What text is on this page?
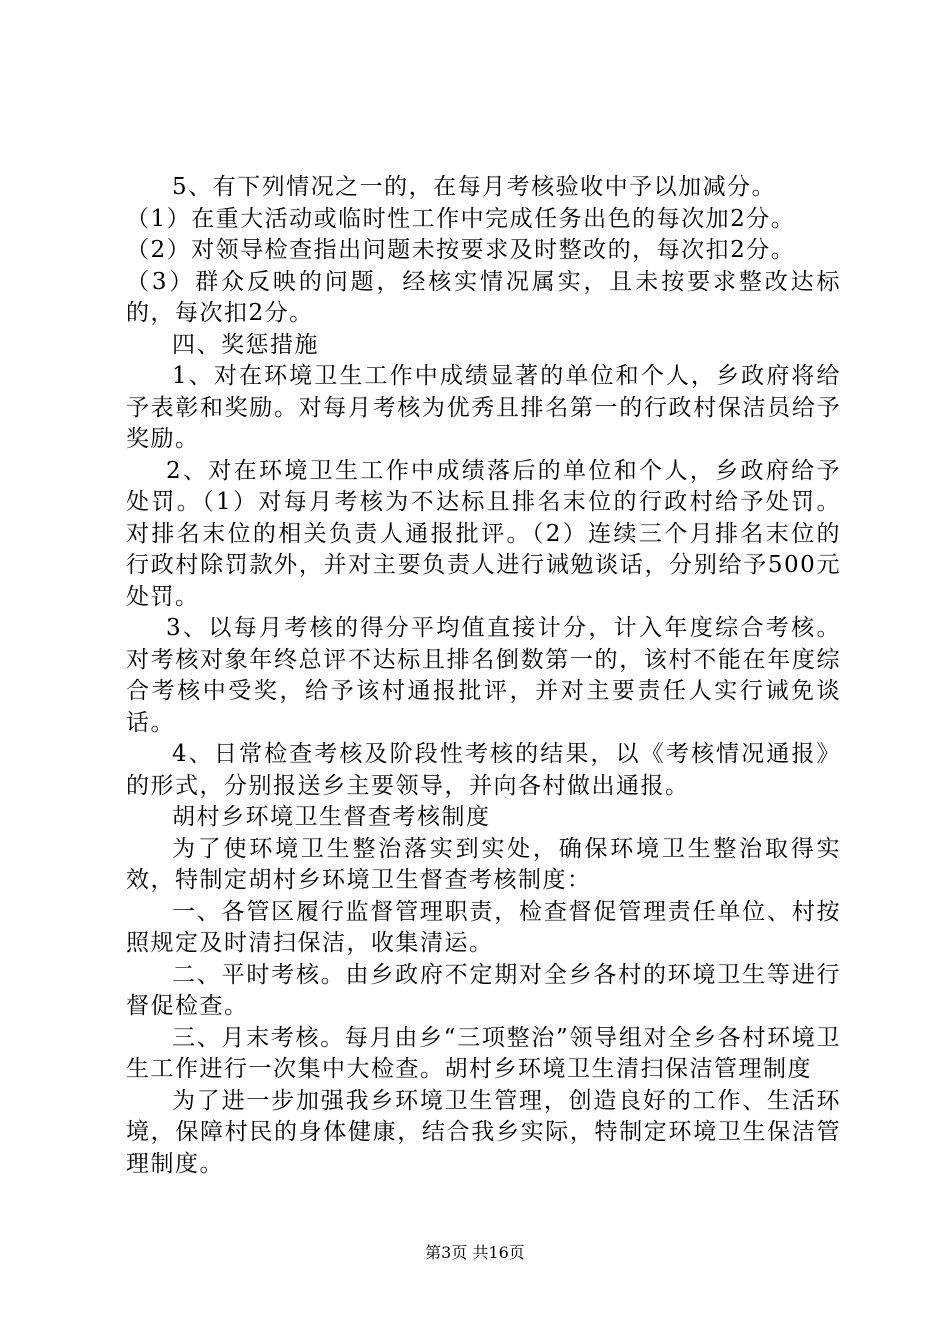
5、有下列情况之一的，在每月考核验收中予以加减分。

（1）在重大活动或临时性工作中完成任务出色的每次加2分。

（2）对领导检查指出问题未按要求及时整改的，每次扣2分。

（3）群众反映的问题，经核实情况属实，且未按要求整改达标的，每次扣2分。

四、奖惩措施

1、对在环境卫生工作中成绩显著的单位和个人，乡政府将给予表彰和奖励。对每月考核为优秀且排名第一的行政村保洁员给予奖励。

2、对在环境卫生工作中成绩落后的单位和个人，乡政府给予处罚。（1）对每月考核为不达标且排名末位的行政村给予处罚。对排名末位的相关负责人通报批评。（2）连续三个月排名末位的行政村除罚款外，并对主要负责人进行诫勉谈话，分别给予500元处罚。

3、以每月考核的得分平均值直接计分，计入年度综合考核。对考核对象年终总评不达标且排名倒数第一的，该村不能在年度综合考核中受奖，给予该村通报批评，并对主要责任人实行诫免谈话。

4、日常检查考核及阶段性考核的结果，以《考核情况通报》的形式，分别报送乡主要领导，并向各村做出通报。

胡村乡环境卫生督查考核制度

为了使环境卫生整治落实到实处，确保环境卫生整治取得实效，特制定胡村乡环境卫生督查考核制度：

一、各管区履行监督管理职责，检查督促管理责任单位、村按照规定及时清扫保洁，收集清运。

二、平时考核。由乡政府不定期对全乡各村的环境卫生等进行督促检查。

三、月末考核。每月由乡“三项整治”领导组对全乡各村环境卫生工作进行一次集中大检查。胡村乡环境卫生清扫保洁管理制度

为了进一步加强我乡环境卫生管理，创造良好的工作、生活环境，保障村民的身体健康，结合我乡实际，特制定环境卫生保洁管理制度。

第3页 共16页
